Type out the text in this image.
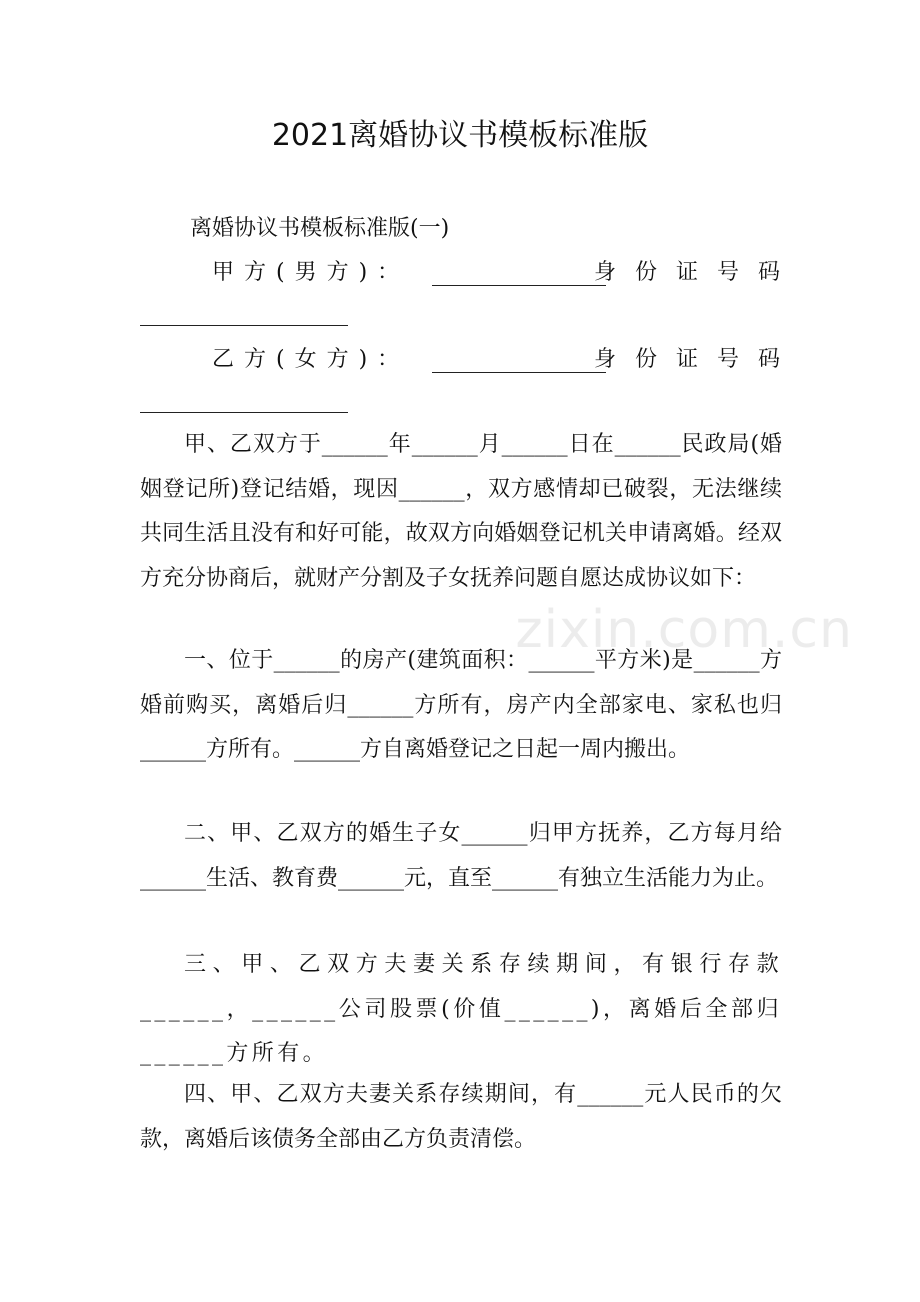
2021离婚协议书模板标准版
离婚协议书模板标准版(一)
甲方(男方)：	身份证号码
乙方(女方)：	身份证号码

甲、乙双方于______年______月______日在______民政局(婚姻登记所)登记结婚，现因______，双方感情却已破裂，无法继续共同生活且没有和好可能，故双方向婚姻登记机关申请离婚。经双方充分协商后，就财产分割及子女抚养问题自愿达成协议如下：

一、位于______的房产(建筑面积：______平方米)是______方婚前购买，离婚后归______方所有，房产内全部家电、家私也归______方所有。______方自离婚登记之日起一周内搬出。

二、甲、乙双方的婚生子女______归甲方抚养，乙方每月给______生活、教育费______元，直至______有独立生活能力为止。

三、甲、乙双方夫妻关系存续期间，有银行存款______，______公司股票(价值______)，离婚后全部归______方所有。

四、甲、乙双方夫妻关系存续期间，有______元人民币的欠款，离婚后该债务全部由乙方负责清偿。

zixin.com.cn
